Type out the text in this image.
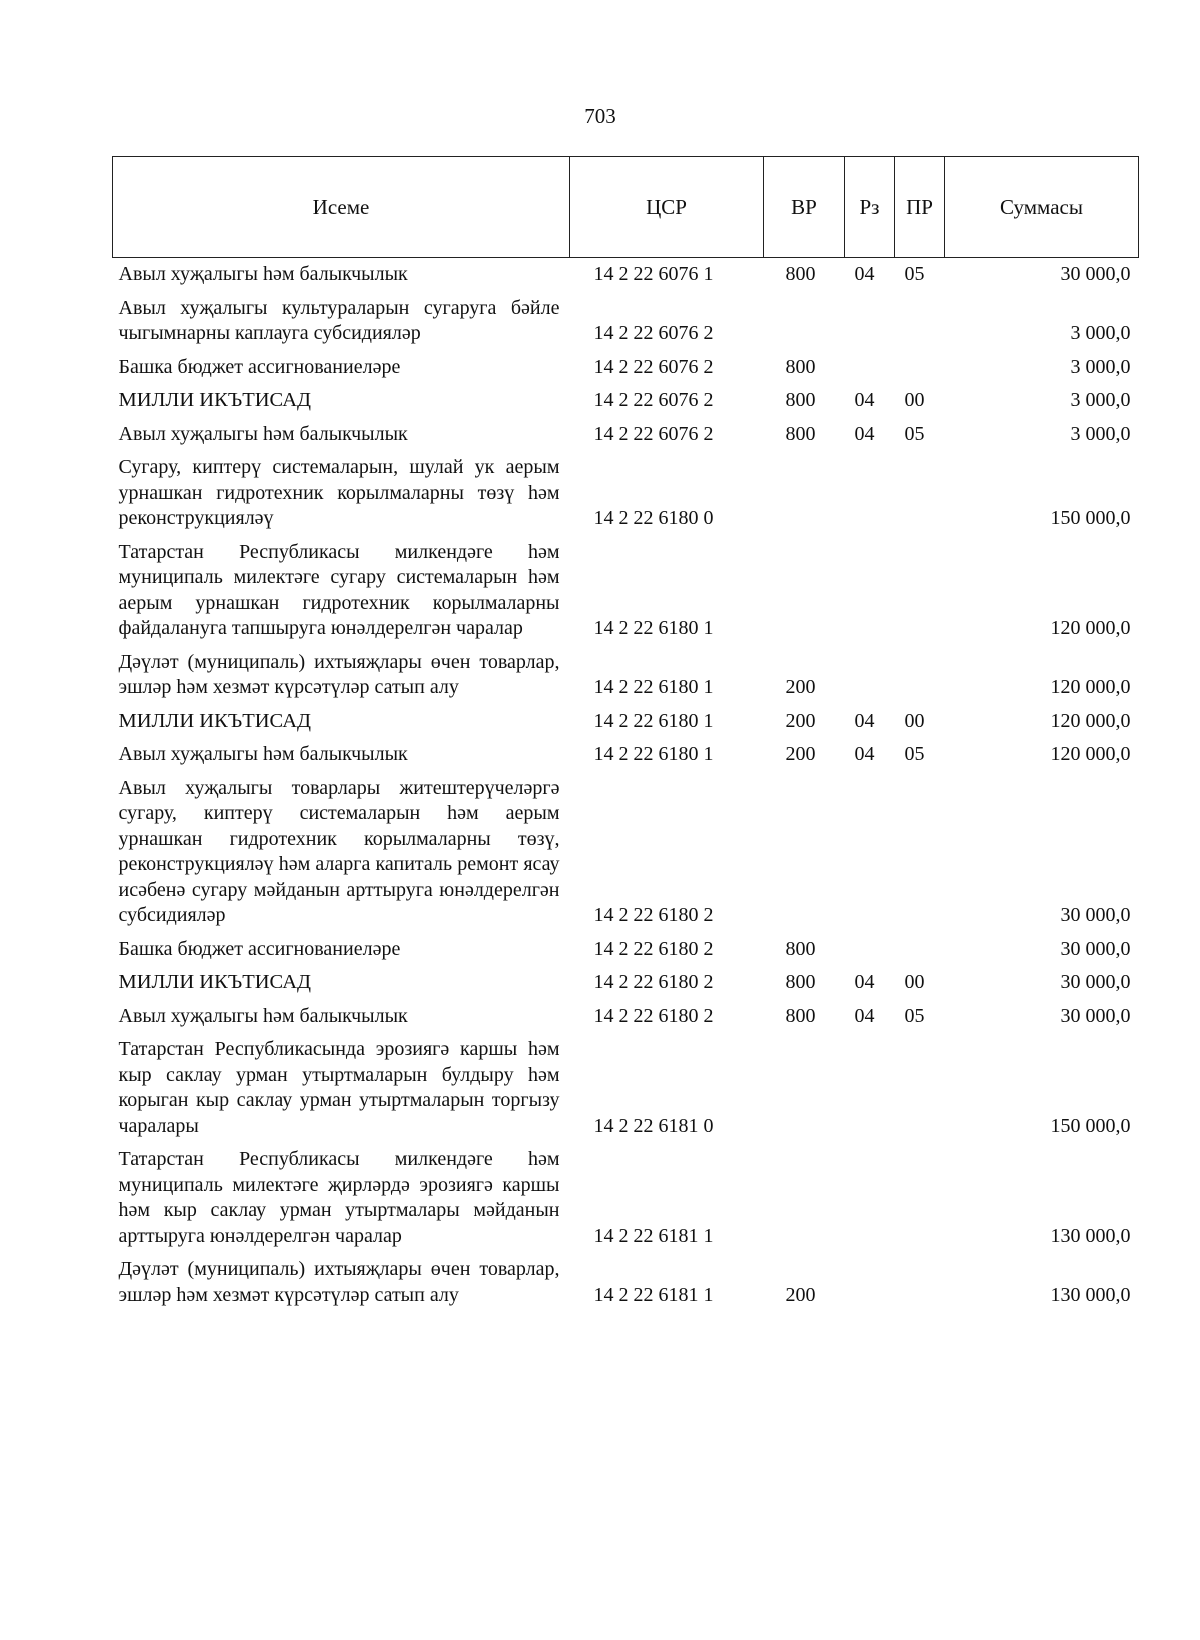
703
Исеме	ЦСР	ВР	Рз	ПР	Суммасы
Авыл хуҗалыгы һәм балыкчылык	14 2 22 6076 1	800	04	05	30 000,0
Авыл хуҗалыгы культураларын сугаруга бәйле чыгымнарны каплауга субсидияләр	14 2 22 6076 2				3 000,0
Башка бюджет ассигнованиеләре	14 2 22 6076 2	800			3 000,0
МИЛЛИ ИКЪТИСАД	14 2 22 6076 2	800	04	00	3 000,0
Авыл хуҗалыгы һәм балыкчылык	14 2 22 6076 2	800	04	05	3 000,0
Сугару, киптерү системаларын, шулай ук аерым урнашкан гидротехник корылмаларны төзү һәм реконструкцияләү	14 2 22 6180 0				150 000,0
Татарстан Республикасы милкендәге һәм муниципаль милектәге сугару системаларын һәм аерым урнашкан гидротехник корылмаларны файдалануга тапшыруга юнәлдерелгән чаралар	14 2 22 6180 1				120 000,0
Дәүләт (муниципаль) ихтыяҗлары өчен товарлар, эшләр һәм хезмәт күрсәтүләр сатып алу	14 2 22 6180 1	200			120 000,0
МИЛЛИ ИКЪТИСАД	14 2 22 6180 1	200	04	00	120 000,0
Авыл хуҗалыгы һәм балыкчылык	14 2 22 6180 1	200	04	05	120 000,0
Авыл хуҗалыгы товарлары житештерүчеләргә сугару, киптерү системаларын һәм аерым урнашкан гидротехник корылмаларны төзү, реконструкцияләү һәм аларга капиталь ремонт ясау исәбенә сугару мәйданын арттыруга юнәлдерелгән субсидияләр	14 2 22 6180 2				30 000,0
Башка бюджет ассигнованиеләре	14 2 22 6180 2	800			30 000,0
МИЛЛИ ИКЪТИСАД	14 2 22 6180 2	800	04	00	30 000,0
Авыл хуҗалыгы һәм балыкчылык	14 2 22 6180 2	800	04	05	30 000,0
Татарстан Республикасында эрозиягә каршы һәм кыр саклау урман утыртмаларын булдыру һәм корыган кыр саклау урман утыртмаларын торгызу чаралары	14 2 22 6181 0				150 000,0
Татарстан Республикасы милкендәге һәм муниципаль милектәге җирләрдә эрозиягә каршы һәм кыр саклау урман утыртмалары мәйданын арттыруга юнәлдерелгән чаралар	14 2 22 6181 1				130 000,0
Дәүләт (муниципаль) ихтыяҗлары өчен товарлар, эшләр һәм хезмәт күрсәтүләр сатып алу	14 2 22 6181 1	200			130 000,0
